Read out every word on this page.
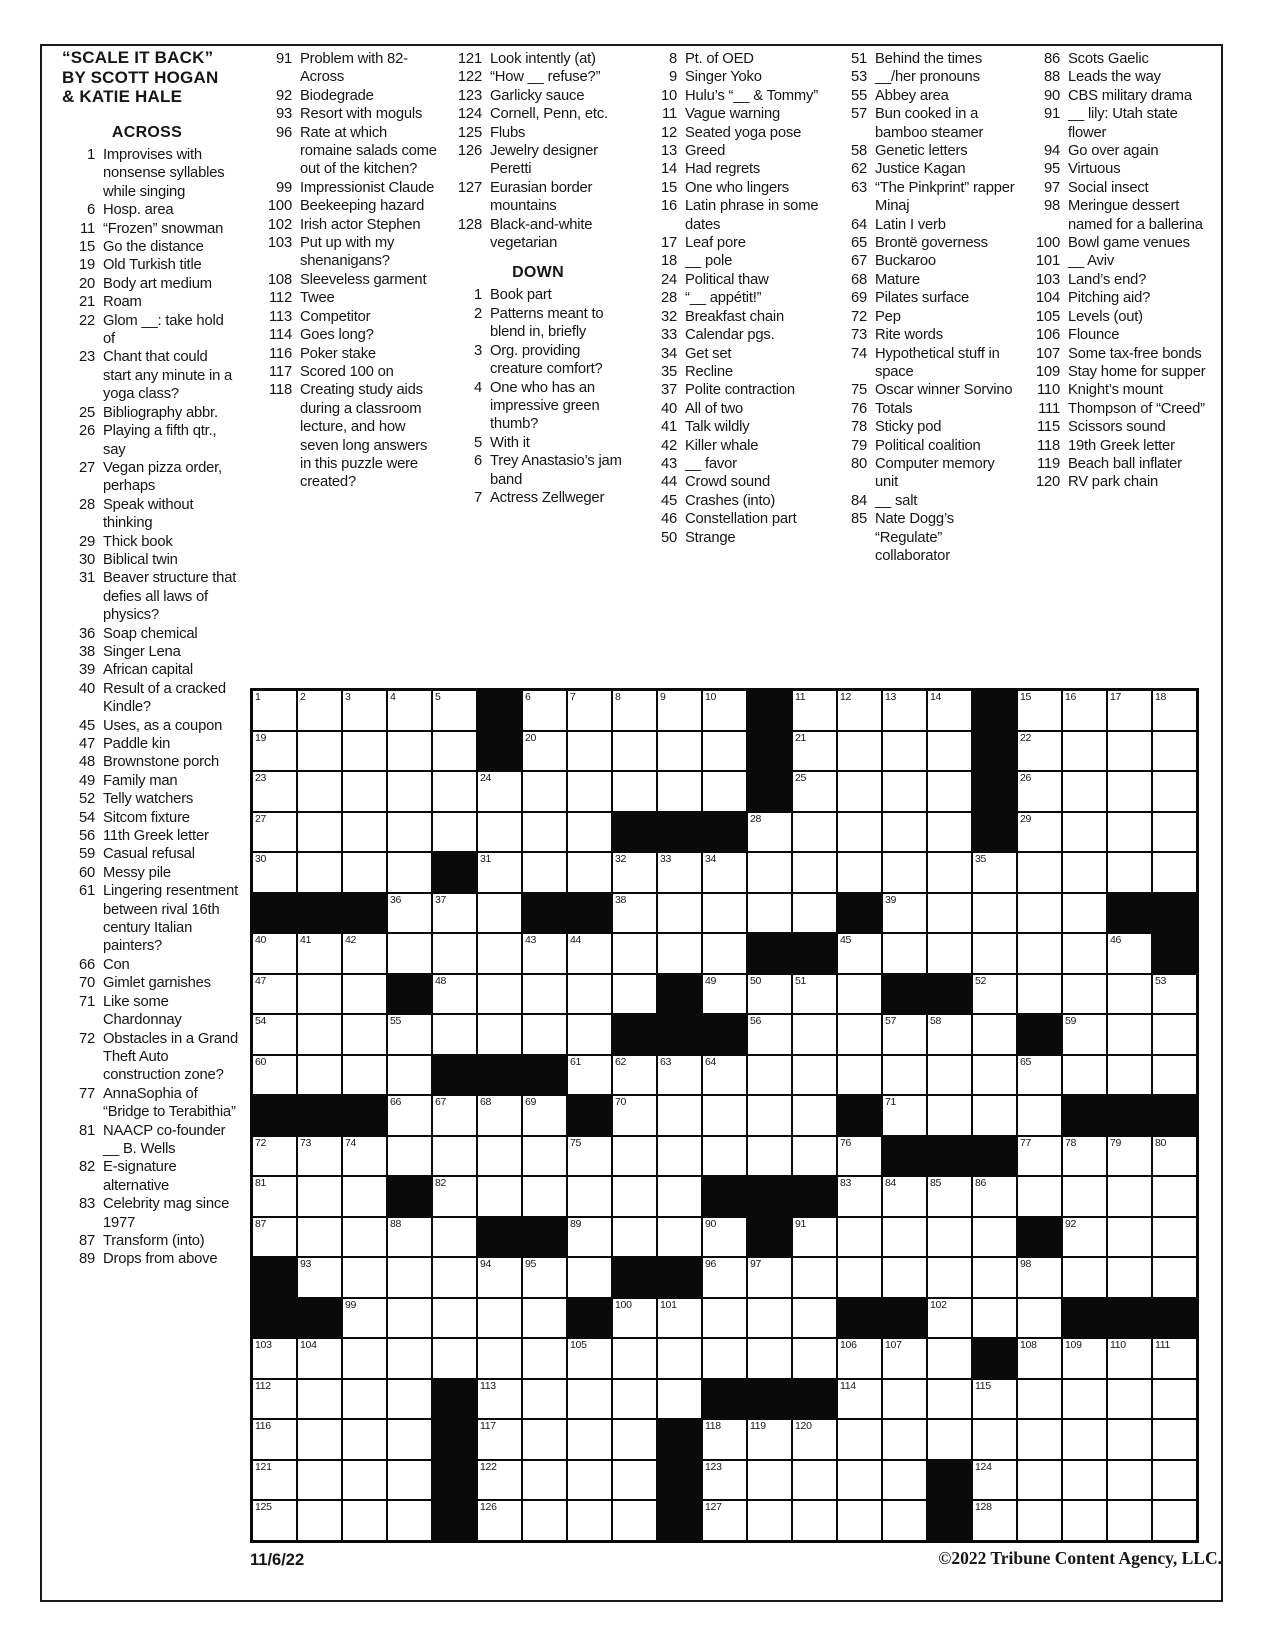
“SCALE IT BACK”
BY SCOTT HOGAN
& KATIE HALE
ACROSS
1 Improvises with nonsense syllables while singing
6 Hosp. area
11 “Frozen” snowman
15 Go the distance
19 Old Turkish title
20 Body art medium
21 Roam
22 Glom __: take hold of
23 Chant that could start any minute in a yoga class?
25 Bibliography abbr.
26 Playing a fifth qtr., say
27 Vegan pizza order, perhaps
28 Speak without thinking
29 Thick book
30 Biblical twin
31 Beaver structure that defies all laws of physics?
36 Soap chemical
38 Singer Lena
39 African capital
40 Result of a cracked Kindle?
45 Uses, as a coupon
47 Paddle kin
48 Brownstone porch
49 Family man
52 Telly watchers
54 Sitcom fixture
56 11th Greek letter
59 Casual refusal
60 Messy pile
61 Lingering resentment between rival 16th century Italian painters?
66 Con
70 Gimlet garnishes
71 Like some Chardonnay
72 Obstacles in a Grand Theft Auto construction zone?
77 AnnaSophia of “Bridge to Terabithia”
81 NAACP co-founder __ B. Wells
82 E-signature alternative
83 Celebrity mag since 1977
87 Transform (into)
89 Drops from above
91 Problem with 82-Across
92 Biodegrade
93 Resort with moguls
96 Rate at which romaine salads come out of the kitchen?
99 Impressionist Claude
100 Beekeeping hazard
102 Irish actor Stephen
103 Put up with my shenanigans?
108 Sleeveless garment
112 Twee
113 Competitor
114 Goes long?
116 Poker stake
117 Scored 100 on
118 Creating study aids during a classroom lecture, and how seven long answers in this puzzle were created?
121 Look intently (at)
122 “How __ refuse?”
123 Garlicky sauce
124 Cornell, Penn, etc.
125 Flubs
126 Jewelry designer Peretti
127 Eurasian border mountains
128 Black-and-white vegetarian
DOWN
1 Book part
2 Patterns meant to blend in, briefly
3 Org. providing creature comfort?
4 One who has an impressive green thumb?
5 With it
6 Trey Anastasio’s jam band
7 Actress Zellweger
8 Pt. of OED
9 Singer Yoko
10 Hulu’s “__ & Tommy”
11 Vague warning
12 Seated yoga pose
13 Greed
14 Had regrets
15 One who lingers
16 Latin phrase in some dates
17 Leaf pore
18 __ pole
24 Political thaw
28 “__ appétit!”
32 Breakfast chain
33 Calendar pgs.
34 Get set
35 Recline
37 Polite contraction
40 All of two
41 Talk wildly
42 Killer whale
43 __ favor
44 Crowd sound
45 Crashes (into)
46 Constellation part
50 Strange
51 Behind the times
53 __/her pronouns
55 Abbey area
57 Bun cooked in a bamboo steamer
58 Genetic letters
62 Justice Kagan
63 “The Pinkprint” rapper Minaj
64 Latin I verb
65 Brontë governess
67 Buckaroo
68 Mature
69 Pilates surface
72 Pep
73 Rite words
74 Hypothetical stuff in space
75 Oscar winner Sorvino
76 Totals
78 Sticky pod
79 Political coalition
80 Computer memory unit
84 __ salt
85 Nate Dogg’s “Regulate” collaborator
86 Scots Gaelic
88 Leads the way
90 CBS military drama
91 __ lily: Utah state flower
94 Go over again
95 Virtuous
97 Social insect
98 Meringue dessert named for a ballerina
100 Bowl game venues
101 __ Aviv
103 Land’s end?
104 Pitching aid?
105 Levels (out)
106 Flounce
107 Some tax-free bonds
109 Stay home for supper
110 Knight’s mount
111 Thompson of “Creed”
115 Scissors sound
118 19th Greek letter
119 Beach ball inflater
120 RV park chain
1	2	3	4	5	6	7	8	9	10	11	12	13	14	15	16	17	18
19	20	21	22
23	24	25	26
27	28	29
30	31	32	33	34	35
36	37	38	39
40	41	42	43	44	45	46
47	48	49	50	51	52	53
54	55	56	57	58	59
60	61	62	63	64	65
66	67	68	69	70	71
72	73	74	75	76	77	78	79	80
81	82	83	84	85	86
87	88	89	90	91	92
93	94	95	96	97	98
99	100	101	102
103	104	105	106	107	108	109	110	111
112	113	114	115
116	117	118	119	120
121	122	123	124
125	126	127	128
11/6/22	©2022 Tribune Content Agency, LLC.
